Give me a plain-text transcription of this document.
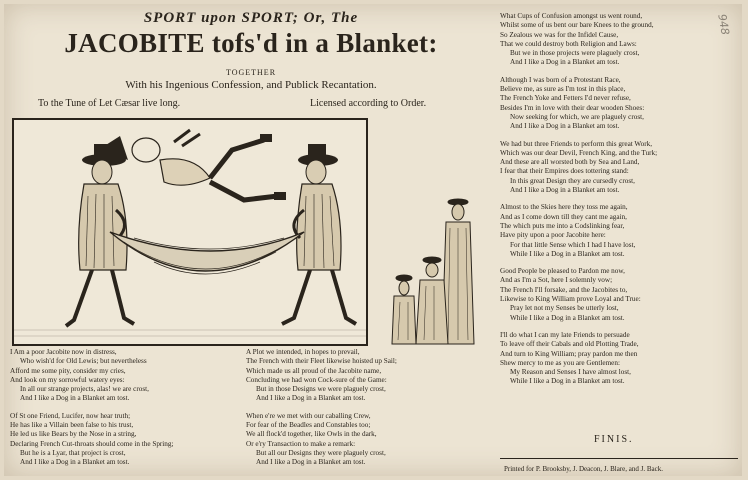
948
SPORT upon SPORT; Or, The
JACOBITE tofs'd in a Blanket:
TOGETHER
With his Ingenious Confession, and Publick Recantation.
To the Tune of Let Cæsar live long.	Licensed according to Order.

I Am a poor Jacobite now in distress,

Who wish'd for Old Lewis; but nevertheless

Afford me some pity, consider my cries,

And look on my sorrowful watery eyes:

In all our strange projects, alas! we are crost,

And I like a Dog in a Blanket am tost.

Of St one Friend, Lucifer, now hear truth;

He has like a Villain been false to his trust,

He led us like Bears by the Nose in a string,

Declaring French Cut-throats should come in the Spring;

But he is a Lyar, that project is crost,

And I like a Dog in a Blanket am tost.

A Plot we intended, in hopes to prevail,

The French with their Fleet likewise hoisted up Sail;

Which made us all proud of the Jacobite name,

Concluding we had won Cock-sure of the Game:

But in those Designs we were plaguely crost,

And I like a Dog in a Blanket am tost.

When e're we met with our caballing Crew,

For fear of the Beadles and Constables too;

We all flock'd together, like Owls in the dark,

Or e'ry Transaction to make a remark:

But all our Designs they were plaguely crost,

And I like a Dog in a Blanket am tost.

What Cups of Confusion amongst us went round,

Whilst some of us bent our bare Knees to the ground,

So Zealous we was for the Infidel Cause,

That we could destroy both Religion and Laws:

But we in those projects were plaguely crost,

And I like a Dog in a Blanket am tost.

Although I was born of a Protestant Race,

Believe me, as sure as I'm tost in this place,

The French Yoke and Fetters I'd never refuse,

Besides I'm in love with their dear wooden Shoes:

Now seeking for which, we are plaguely crost,

And I like a Dog in a Blanket am tost.

We had but three Friends to perform this great Work,

Which was our dear Devil, French King, and the Turk;

And these are all worsted both by Sea and Land,

I fear that their Empires does tottering stand:

In this great Design they are cursedly crost,

And I like a Dog in a Blanket am tost.

Almost to the Skies here they toss me again,

And as I come down till they cant me again,

The which puts me into a Codslinking fear,

Have pity upon a poor Jacobite here:

For that little Sense which I had I have lost,

While I like a Dog in a Blanket am tost.

Good People be pleased to Pardon me now,

And as I'm a Sot, here I solemnly vow;

The French I'll forsake, and the Jacobites to,

Likewise to King William prove Loyal and True:

Pray let not my Senses be utterly lost,

While I like a Dog in a Blanket am tost.

I'll do what I can my late Friends to persuade

To leave off their Cabals and old Plotting Trade,

And turn to King William; pray pardon me then

Shew mercy to me as you are Gentlemen:

My Reason and Senses I have almost lost,

While I like a Dog in a Blanket am tost.

FINIS.
Printed for P. Brooksby, J. Deacon, J. Blare, and J. Back.
